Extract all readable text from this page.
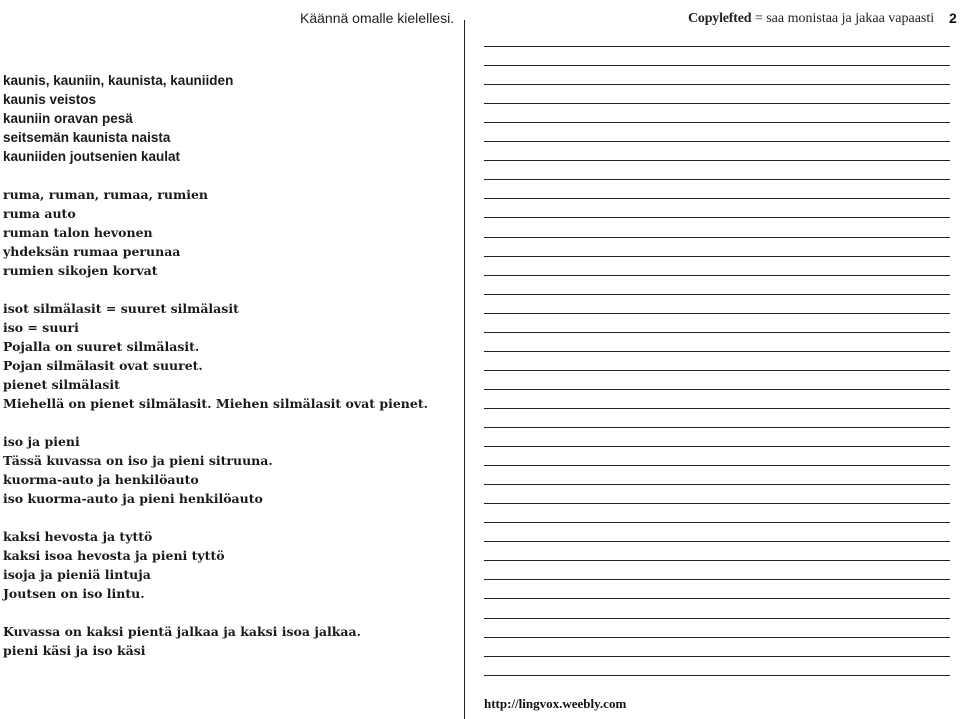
Käännä omalle kielellesi.	Copylefted = saa monistaa ja jakaa vapaasti 2
kaunis, kauniin, kaunista, kauniiden
kaunis veistos
kauniin oravan pesä
seitsemän kaunista naista
kauniiden joutsenien kaulat
ruma, ruman, rumaa, rumien
ruma auto
ruman talon hevonen
yhdeksän rumaa perunaa
rumien sikojen korvat
isot silmälasit = suuret silmälasit
iso = suuri
Pojalla on suuret silmälasit.
Pojan silmälasit ovat suuret.
pienet silmälasit
Miehellä on pienet silmälasit. Miehen silmälasit ovat pienet.
iso ja pieni
Tässä kuvassa on iso ja pieni sitruuna.
kuorma-auto ja henkilöauto
iso kuorma-auto ja pieni henkilöauto
kaksi hevosta ja tyttö
kaksi isoa hevosta ja pieni tyttö
isoja ja pieniä lintuja
Joutsen on iso lintu.
Kuvassa on kaksi pientä jalkaa ja kaksi isoa jalkaa.
pieni käsi ja iso käsi
http://lingvox.weebly.com
